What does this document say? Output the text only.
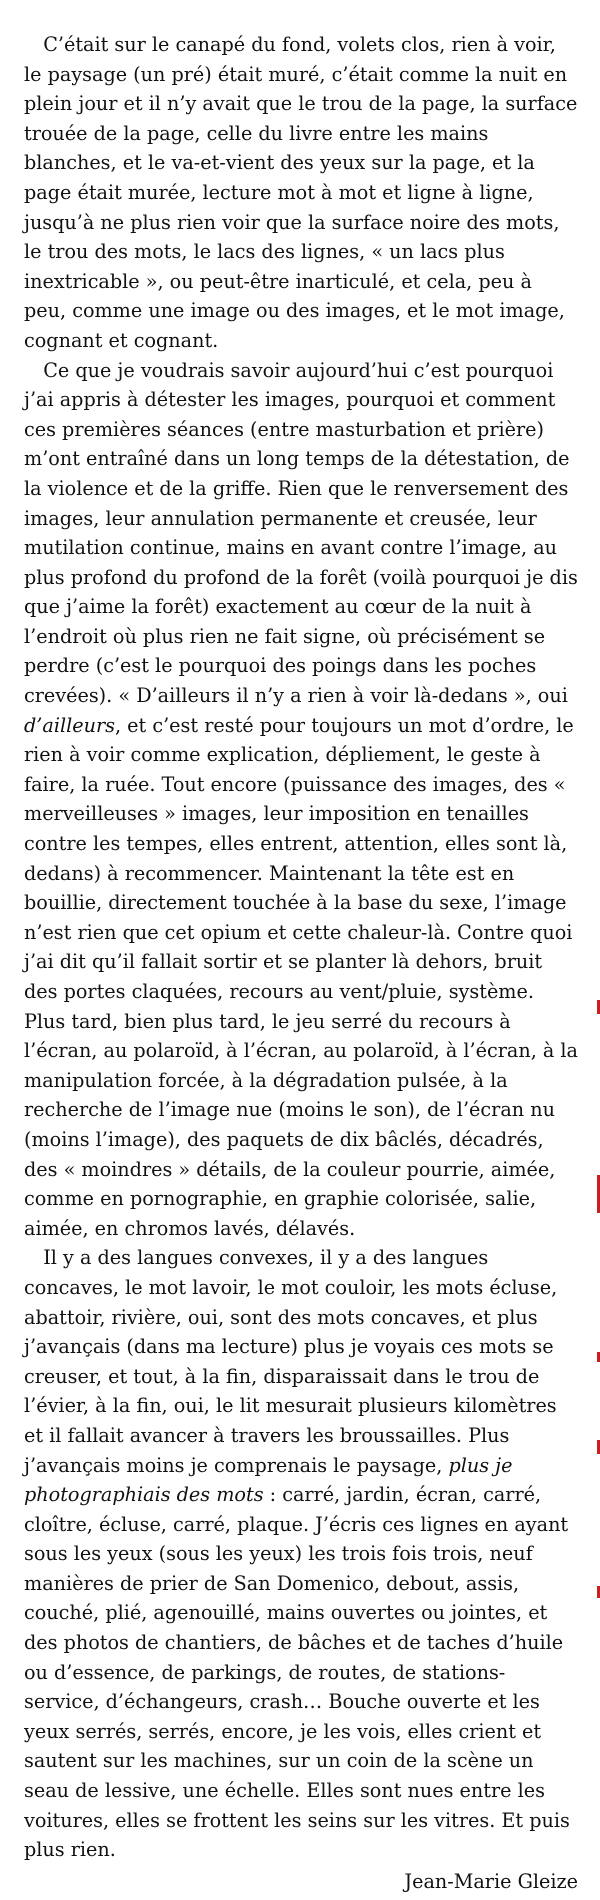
C’était sur le canapé du fond, volets clos, rien à voir, le paysage (un pré) était muré, c’était comme la nuit en plein jour et il n’y avait que le trou de la page, la surface trouée de la page, celle du livre entre les mains blanches, et le va-et-vient des yeux sur la page, et la page était murée, lecture mot à mot et ligne à ligne, jusqu’à ne plus rien voir que la surface noire des mots, le trou des mots, le lacs des lignes, « un lacs plus inextricable », ou peut-être inarticulé, et cela, peu à peu, comme une image ou des images, et le mot image, cognant et cognant.

Ce que je voudrais savoir aujourd’hui c’est pourquoi j’ai appris à détester les images, pourquoi et comment ces premières séances (entre masturbation et prière) m’ont entraîné dans un long temps de la détestation, de la violence et de la griffe. Rien que le renversement des images, leur annulation permanente et creusée, leur mutilation continue, mains en avant contre l’image, au plus profond du profond de la forêt (voilà pourquoi je dis que j’aime la forêt) exactement au cœur de la nuit à l’endroit où plus rien ne fait signe, où précisément se perdre (c’est le pourquoi des poings dans les poches crevées). « D’ailleurs il n’y a rien à voir là-dedans », oui d’ailleurs, et c’est resté pour toujours un mot d’ordre, le rien à voir comme explication, dépliement, le geste à faire, la ruée. Tout encore (puissance des images, des « merveilleuses » images, leur imposition en tenailles contre les tempes, elles entrent, attention, elles sont là, dedans) à recommencer. Maintenant la tête est en bouillie, directement touchée à la base du sexe, l’image n’est rien que cet opium et cette chaleur-là. Contre quoi j’ai dit qu’il fallait sortir et se planter là dehors, bruit des portes claquées, recours au vent/pluie, système. Plus tard, bien plus tard, le jeu serré du recours à l’écran, au polaroïd, à l’écran, au polaroïd, à l’écran, à la manipulation forcée, à la dégradation pulsée, à la recherche de l’image nue (moins le son), de l’écran nu (moins l’image), des paquets de dix bâclés, décadrés, des « moindres » détails, de la couleur pourrie, aimée, comme en pornographie, en graphie colorisée, salie, aimée, en chromos lavés, délavés.

Il y a des langues convexes, il y a des langues concaves, le mot lavoir, le mot couloir, les mots écluse, abattoir, rivière, oui, sont des mots concaves, et plus j’avançais (dans ma lecture) plus je voyais ces mots se creuser, et tout, à la fin, disparaissait dans le trou de l’évier, à la fin, oui, le lit mesurait plusieurs kilomètres et il fallait avancer à travers les broussailles. Plus j’avançais moins je comprenais le paysage, plus je photographiais des mots : carré, jardin, écran, carré, cloître, écluse, carré, plaque. J’écris ces lignes en ayant sous les yeux (sous les yeux) les trois fois trois, neuf manières de prier de San Domenico, debout, assis, couché, plié, agenouillé, mains ouvertes ou jointes, et des photos de chantiers, de bâches et de taches d’huile ou d’essence, de parkings, de routes, de stations-service, d’échangeurs, crash… Bouche ouverte et les yeux serrés, serrés, encore, je les vois, elles crient et sautent sur les machines, sur un coin de la scène un seau de lessive, une échelle. Elles sont nues entre les voitures, elles se frottent les seins sur les vitres. Et puis plus rien.

Jean-Marie Gleize
